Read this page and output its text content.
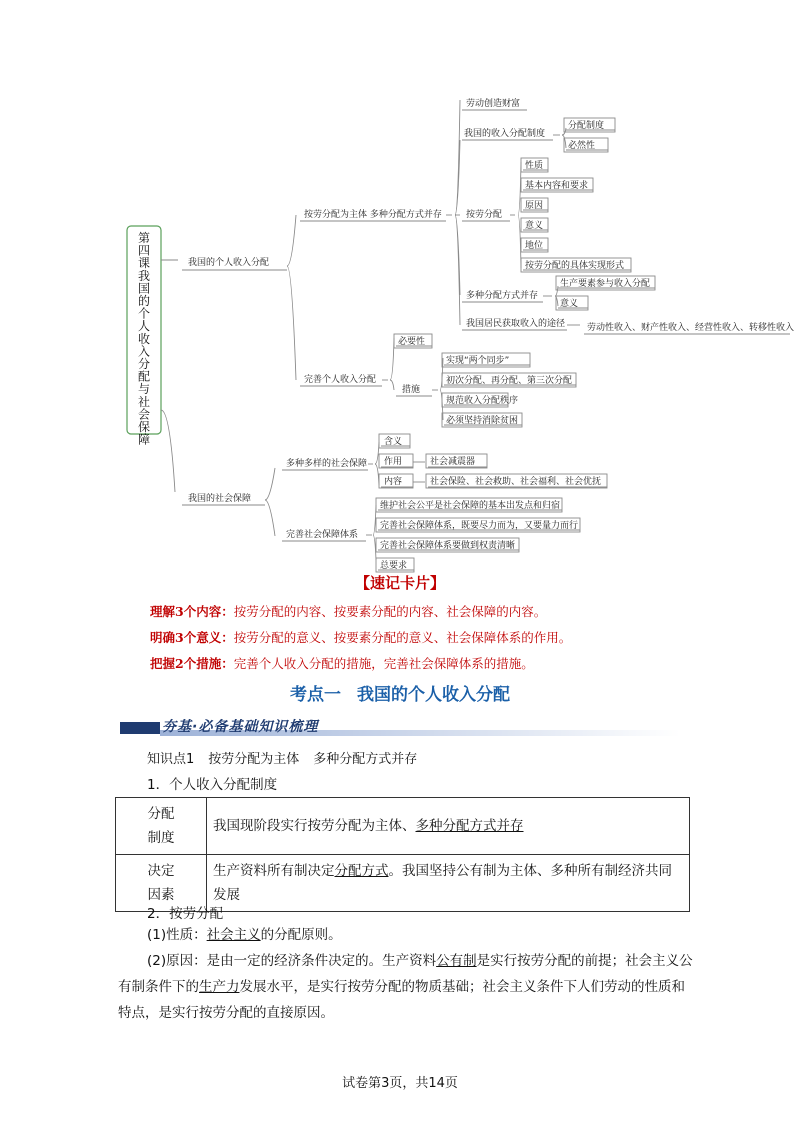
第四课我国的个人收入分配与社会保障
我国的个人收入分配
按劳分配为主体 多种分配方式并存
劳动创造财富
我国的收入分配制度
分配制度
必然性
按劳分配
性质
基本内容和要求
原因
意义
地位
按劳分配的具体实现形式
多种分配方式并存
生产要素参与收入分配
意义
我国居民获取收入的途径 劳动性收入、财产性收入、经营性收入、转移性收入
完善个人收入分配
必要性
措施
实现“两个同步”
初次分配、再分配、第三次分配
规范收入分配秩序
必须坚持消除贫困
我国的社会保障
多种多样的社会保障
含义
作用	社会减震器
内容	社会保险、社会救助、社会福利、社会优抚
完善社会保障体系
维护社会公平是社会保障的基本出发点和归宿
完善社会保障体系，既要尽力而为，又要量力而行
完善社会保障体系要做到权责清晰
总要求
【速记卡片】
理解3个内容：按劳分配的内容、按要素分配的内容、社会保障的内容。
明确3个意义：按劳分配的意义、按要素分配的意义、社会保障体系的作用。
把握2个措施：完善个人收入分配的措施，完善社会保障体系的措施。
考点一 我国的个人收入分配
夯基·必备基础知识梳理
知识点1 按劳分配为主体 多种分配方式并存
1．个人收入分配制度
分配
制度	我国现阶段实行按劳分配为主体、多种分配方式并存
决定
因素	生产资料所有制决定分配方式。我国坚持公有制为主体、多种所有制经济共同发展
2．按劳分配
(1)性质：社会主义的分配原则。
(2)原因：是由一定的经济条件决定的。生产资料公有制是实行按劳分配的前提；社会主义公有制条件下的生产力发展水平，是实行按劳分配的物质基础；社会主义条件下人们劳动的性质和特点，是实行按劳分配的直接原因。
试卷第3页，共14页
